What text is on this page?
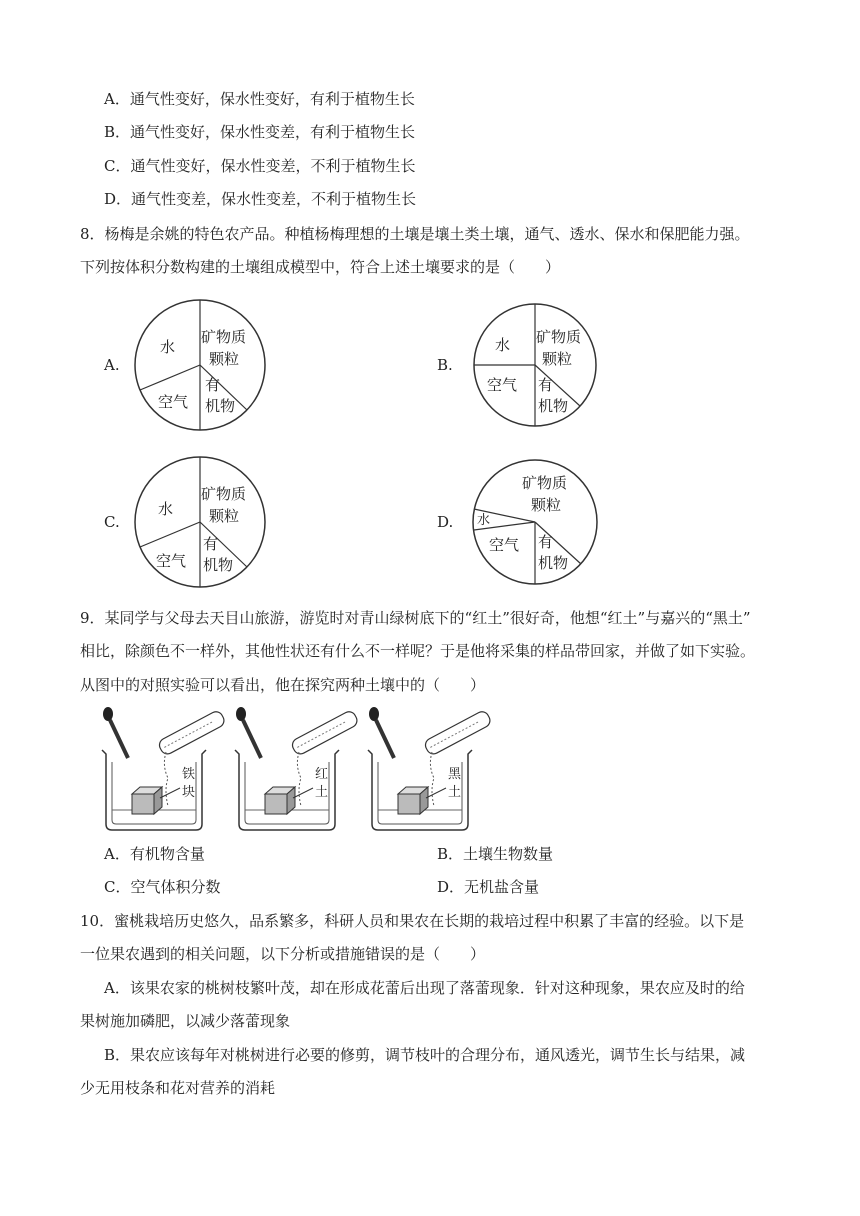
A．通气性变好，保水性变好，有利于植物生长
B．通气性变好，保水性变差，有利于植物生长
C．通气性变好，保水性变差，不利于植物生长
D．通气性变差，保水性变差，不利于植物生长
8．杨梅是余姚的特色农产品。种植杨梅理想的土壤是壤土类土壤，通气、透水、保水和保肥能力强。
下列按体积分数构建的土壤组成模型中，符合上述土壤要求的是（　　）
A.	B.
C.	D.
水
矿物质
颗粒
空气
有
机物
水 矿物质
颗粒
空气 有
机物
水
矿物质
颗粒
空气
有
机物
矿物质
颗粒
水
空气 有
机物
9．某同学与父母去天目山旅游，游览时对青山绿树底下的“红土”很好奇，他想“红土”与嘉兴的“黑土”
相比，除颜色不一样外，其他性状还有什么不一样呢？于是他将采集的样品带回家，并做了如下实验。
从图中的对照实验可以看出，他在探究两种土壤中的（　　）
铁
块
红
土
黑
土
A．有机物含量	B．土壤生物数量
C．空气体积分数	D．无机盐含量
10．蜜桃栽培历史悠久，品系繁多，科研人员和果农在长期的栽培过程中积累了丰富的经验。以下是
一位果农遇到的相关问题，以下分析或措施错误的是（　　）
A．该果农家的桃树枝繁叶茂，却在形成花蕾后出现了落蕾现象．针对这种现象，果农应及时的给
果树施加磷肥，以减少落蕾现象
B．果农应该每年对桃树进行必要的修剪，调节枝叶的合理分布，通风透光，调节生长与结果，减
少无用枝条和花对营养的消耗
